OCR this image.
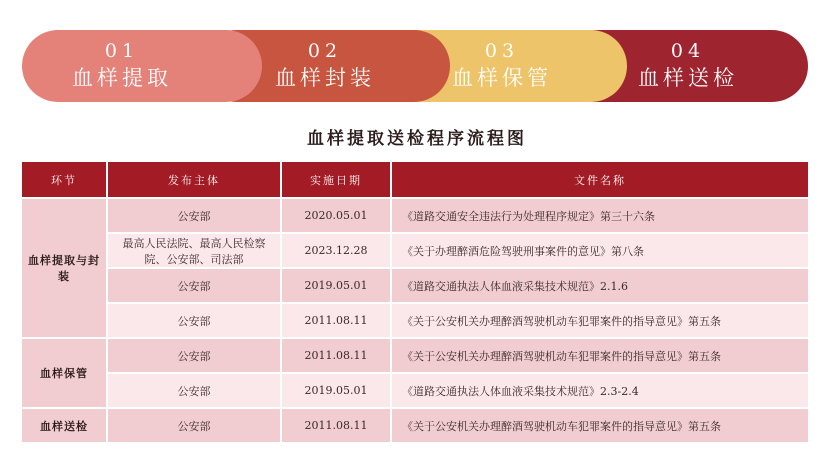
01
血样提取
02
血样封装
03
血样保管
04
血样送检
血样提取送检程序流程图
环节	发布主体	实施日期	文件名称
血样提取与封装	公安部	2020.05.01	《道路交通安全违法行为处理程序规定》第三十六条
	最高人民法院、最高人民检察院、公安部、司法部	2023.12.28	《关于办理醉酒危险驾驶刑事案件的意见》第八条
	公安部	2019.05.01	《道路交通执法人体血液采集技术规范》2.1.6
	公安部	2011.08.11	《关于公安机关办理醉酒驾驶机动车犯罪案件的指导意见》第五条
血样保管	公安部	2011.08.11	《关于公安机关办理醉酒驾驶机动车犯罪案件的指导意见》第五条
	公安部	2019.05.01	《道路交通执法人体血液采集技术规范》2.3-2.4
血样送检	公安部	2011.08.11	《关于公安机关办理醉酒驾驶机动车犯罪案件的指导意见》第五条
